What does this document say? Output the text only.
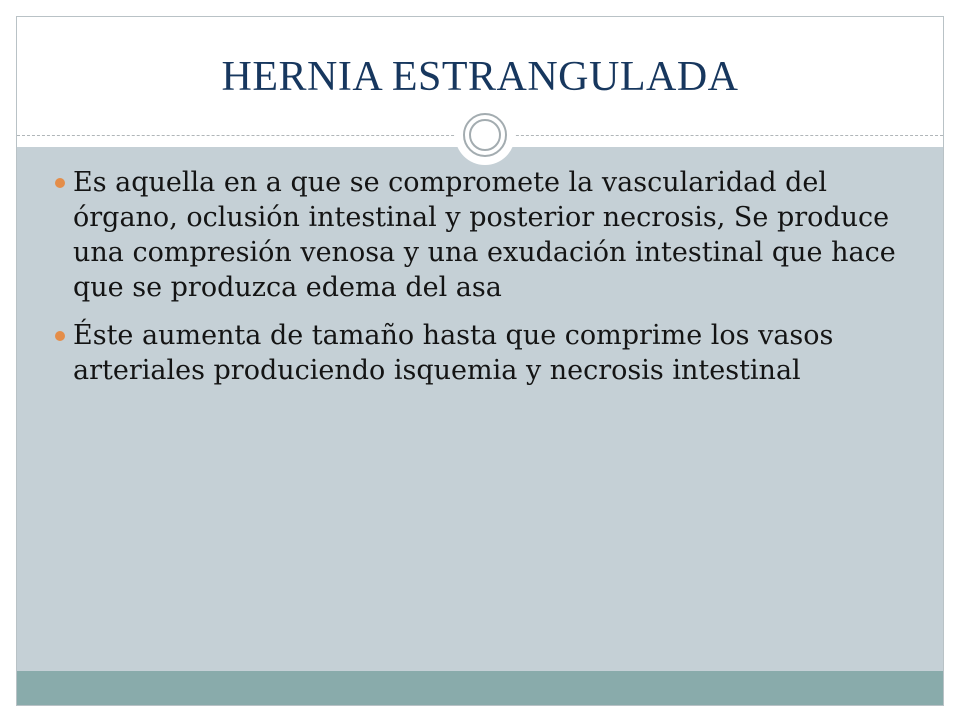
HERNIA ESTRANGULADA
Es aquella en a que se compromete la vascularidad del órgano, oclusión intestinal y posterior necrosis, Se produce una compresión venosa y una exudación intestinal que hace que se produzca edema del asa
Éste aumenta de tamaño hasta que comprime los vasos arteriales produciendo isquemia y necrosis intestinal
